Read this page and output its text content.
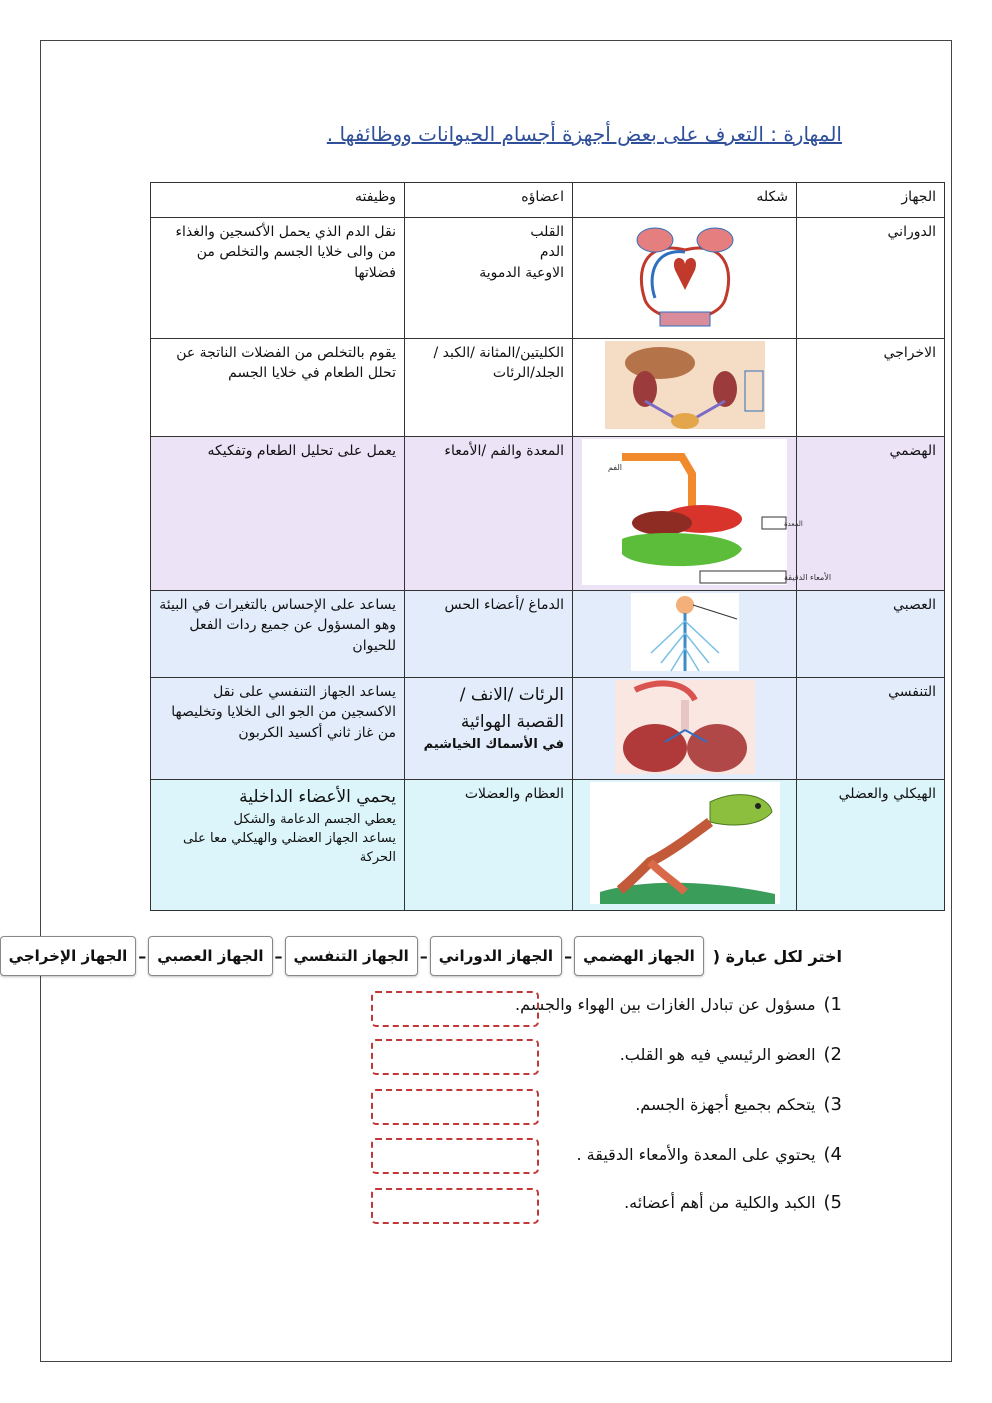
المهارة : التعرف على بعض أجهزة أجسام الحيوانات ووظائفها .
الجهاز	شكله	اعضاؤه	وظيفته
الدوراني		القلب
الدم
الاوعية الدموية	نقل الدم الذي يحمل الأكسجين والغذاء من والى خلايا الجسم والتخلص من فضلاتها
الاخراجي		الكليتين/المثانة /الكبد /الجلد/الرئات	يقوم بالتخلص من الفضلات الناتجة عن تحلل الطعام في خلايا الجسم
الهضمي	الفم
المعدة
الأمعاء الدقيقة	المعدة والفم /الأمعاء	يعمل على تحليل الطعام وتفكيكه
العصبي		الدماغ /أعضاء الحس	يساعد على الإحساس بالتغيرات في البيئة وهو المسؤول عن جميع ردات الفعل للحيوان
التنفسي		الرئات /الانف /القصبة الهوائية
في الأسماك الخياشيم	يساعد الجهاز التنفسي على نقل الاكسجين من الجو الى الخلايا وتخليصها من غاز ثاني أكسيد الكربون
الهيكلي والعضلي		العظام والعضلات	يحمي الأعضاء الداخلية
يعطي الجسم الدعامة والشكل
يساعد الجهاز العضلي والهيكلي معا على الحركة
اختر لكل عبارة (
الجهاز الهضمي
–
الجهاز الدوراني
–
الجهاز التنفسي
–
الجهاز العصبي
–
الجهاز الإخراجي
1)
مسؤول عن تبادل الغازات بين الهواء والجسم.
2)
العضو الرئيسي فيه هو القلب.
3)
يتحكم بجميع أجهزة الجسم.
4)
يحتوي على المعدة والأمعاء الدقيقة .
5)
الكبد والكلية من أهم أعضائه.
